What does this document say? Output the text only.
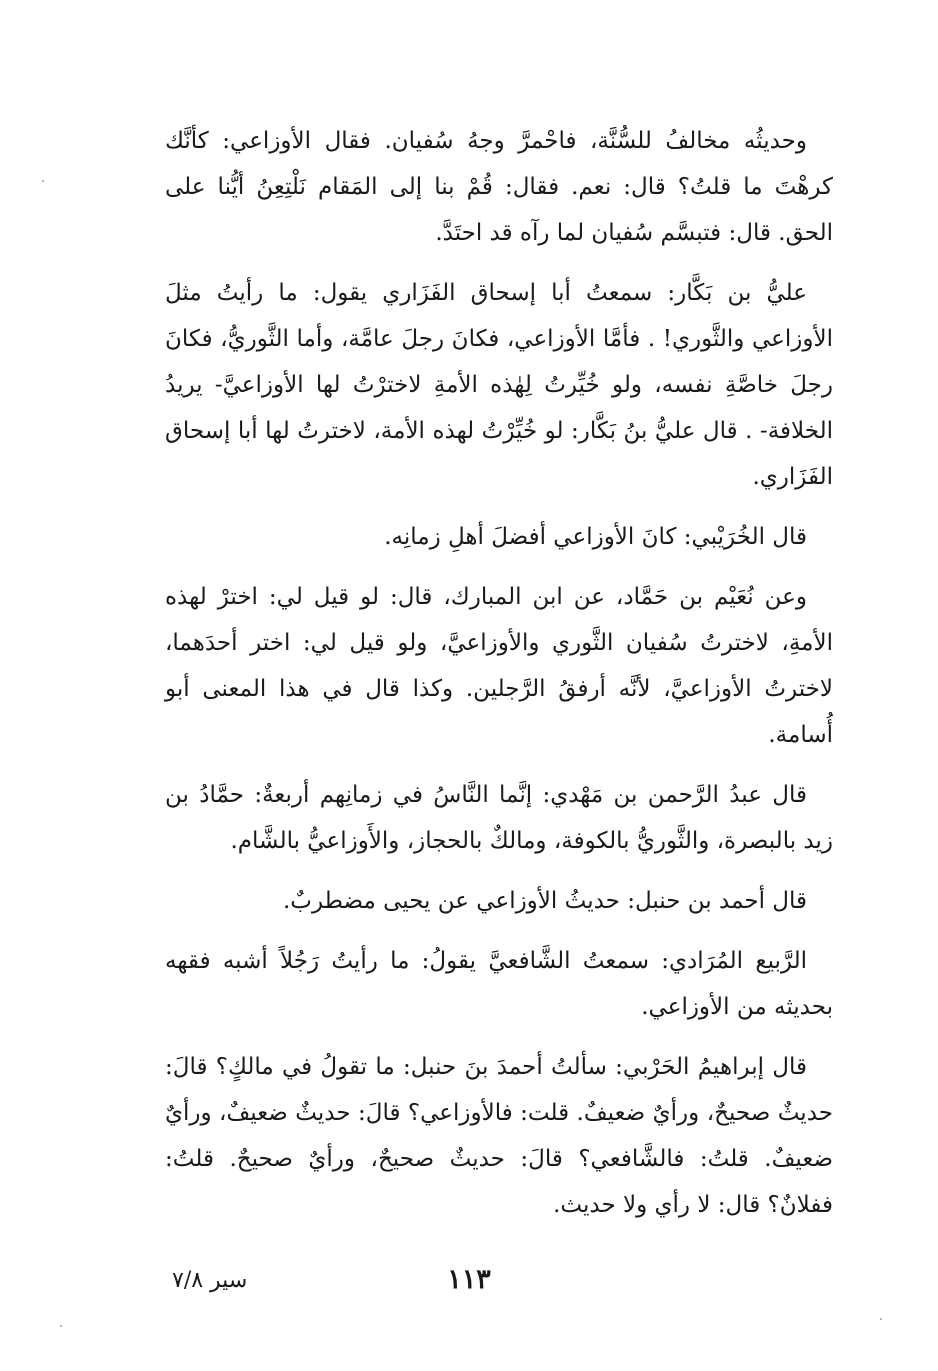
وحديثُه مخالفُ للسُّنَّة، فاحْمرَّ وجهُ سُفيان. فقال الأوزاعي: كأنَّك كرهْتَ ما قلتُ؟ قال: نعم. فقال: قُمْ بنا إلى المَقام نَلْتِعِنُ أيُّنا على الحق. قال: فتبسَّم سُفيان لما رآه قد احتَدَّ.

عليُّ بن بَكَّار: سمعتُ أبا إسحاق الفَزَاري يقول: ما رأيتُ مثلَ الأوزاعي والثَّوري! . فأمَّا الأوزاعي، فكانَ رجلَ عامَّة، وأما الثَّوريُّ، فكانَ رجلَ خاصَّةِ نفسه، ولو خُيِّرتُ لِهٰذه الأمةِ لاخترْتُ لها الأوزاعيَّ- يريدُ الخلافة- . قال عليُّ بنُ بَكَّار: لو خُيِّرْتُ لهذه الأمة، لاخترتُ لها أبا إسحاق الفَزَاري.

قال الخُرَيْبي: كانَ الأوزاعي أفضلَ أهلِ زمانِه.

وعن نُعَيْم بن حَمَّاد، عن ابن المبارك، قال: لو قيل لي: اخترْ لهذه الأمةِ، لاخترتُ سُفيان الثَّوري والأوزاعيَّ، ولو قيل لي: اختر أحدَهما، لاخترتُ الأوزاعيَّ، لأنَّه أرفقُ الرَّجلين. وكذا قال في هذا المعنى أبو أُسامة.

قال عبدُ الرَّحمن بن مَهْدي: إنَّما النَّاسُ في زمانِهم أربعةٌ: حمَّادُ بن زيد بالبصرة، والثَّوريُّ بالكوفة، ومالكٌ بالحجاز، والأَوزاعيُّ بالشَّام.

قال أحمد بن حنبل: حديثُ الأوزاعي عن يحيى مضطربٌ.

الرَّبيع المُرَادي: سمعتُ الشَّافعيَّ يقولُ: ما رأيتُ رَجُلاً أشبه فقهه بحديثه من الأوزاعي.

قال إبراهيمُ الحَرْبي: سألتُ أحمدَ بنَ حنبل: ما تقولُ في مالكٍ؟ قالَ: حديثٌ صحيحٌ، ورأيٌ ضعيفٌ. قلت: فالأوزاعي؟ قالَ: حديثٌ ضعيفٌ، ورأيٌ ضعيفٌ. قلتُ: فالشَّافعي؟ قالَ: حديثٌ صحيحٌ، ورأيٌ صحيحٌ. قلتُ: ففلانٌ؟ قال: لا رأي ولا حديث.

١١٣
سير ٧/٨
